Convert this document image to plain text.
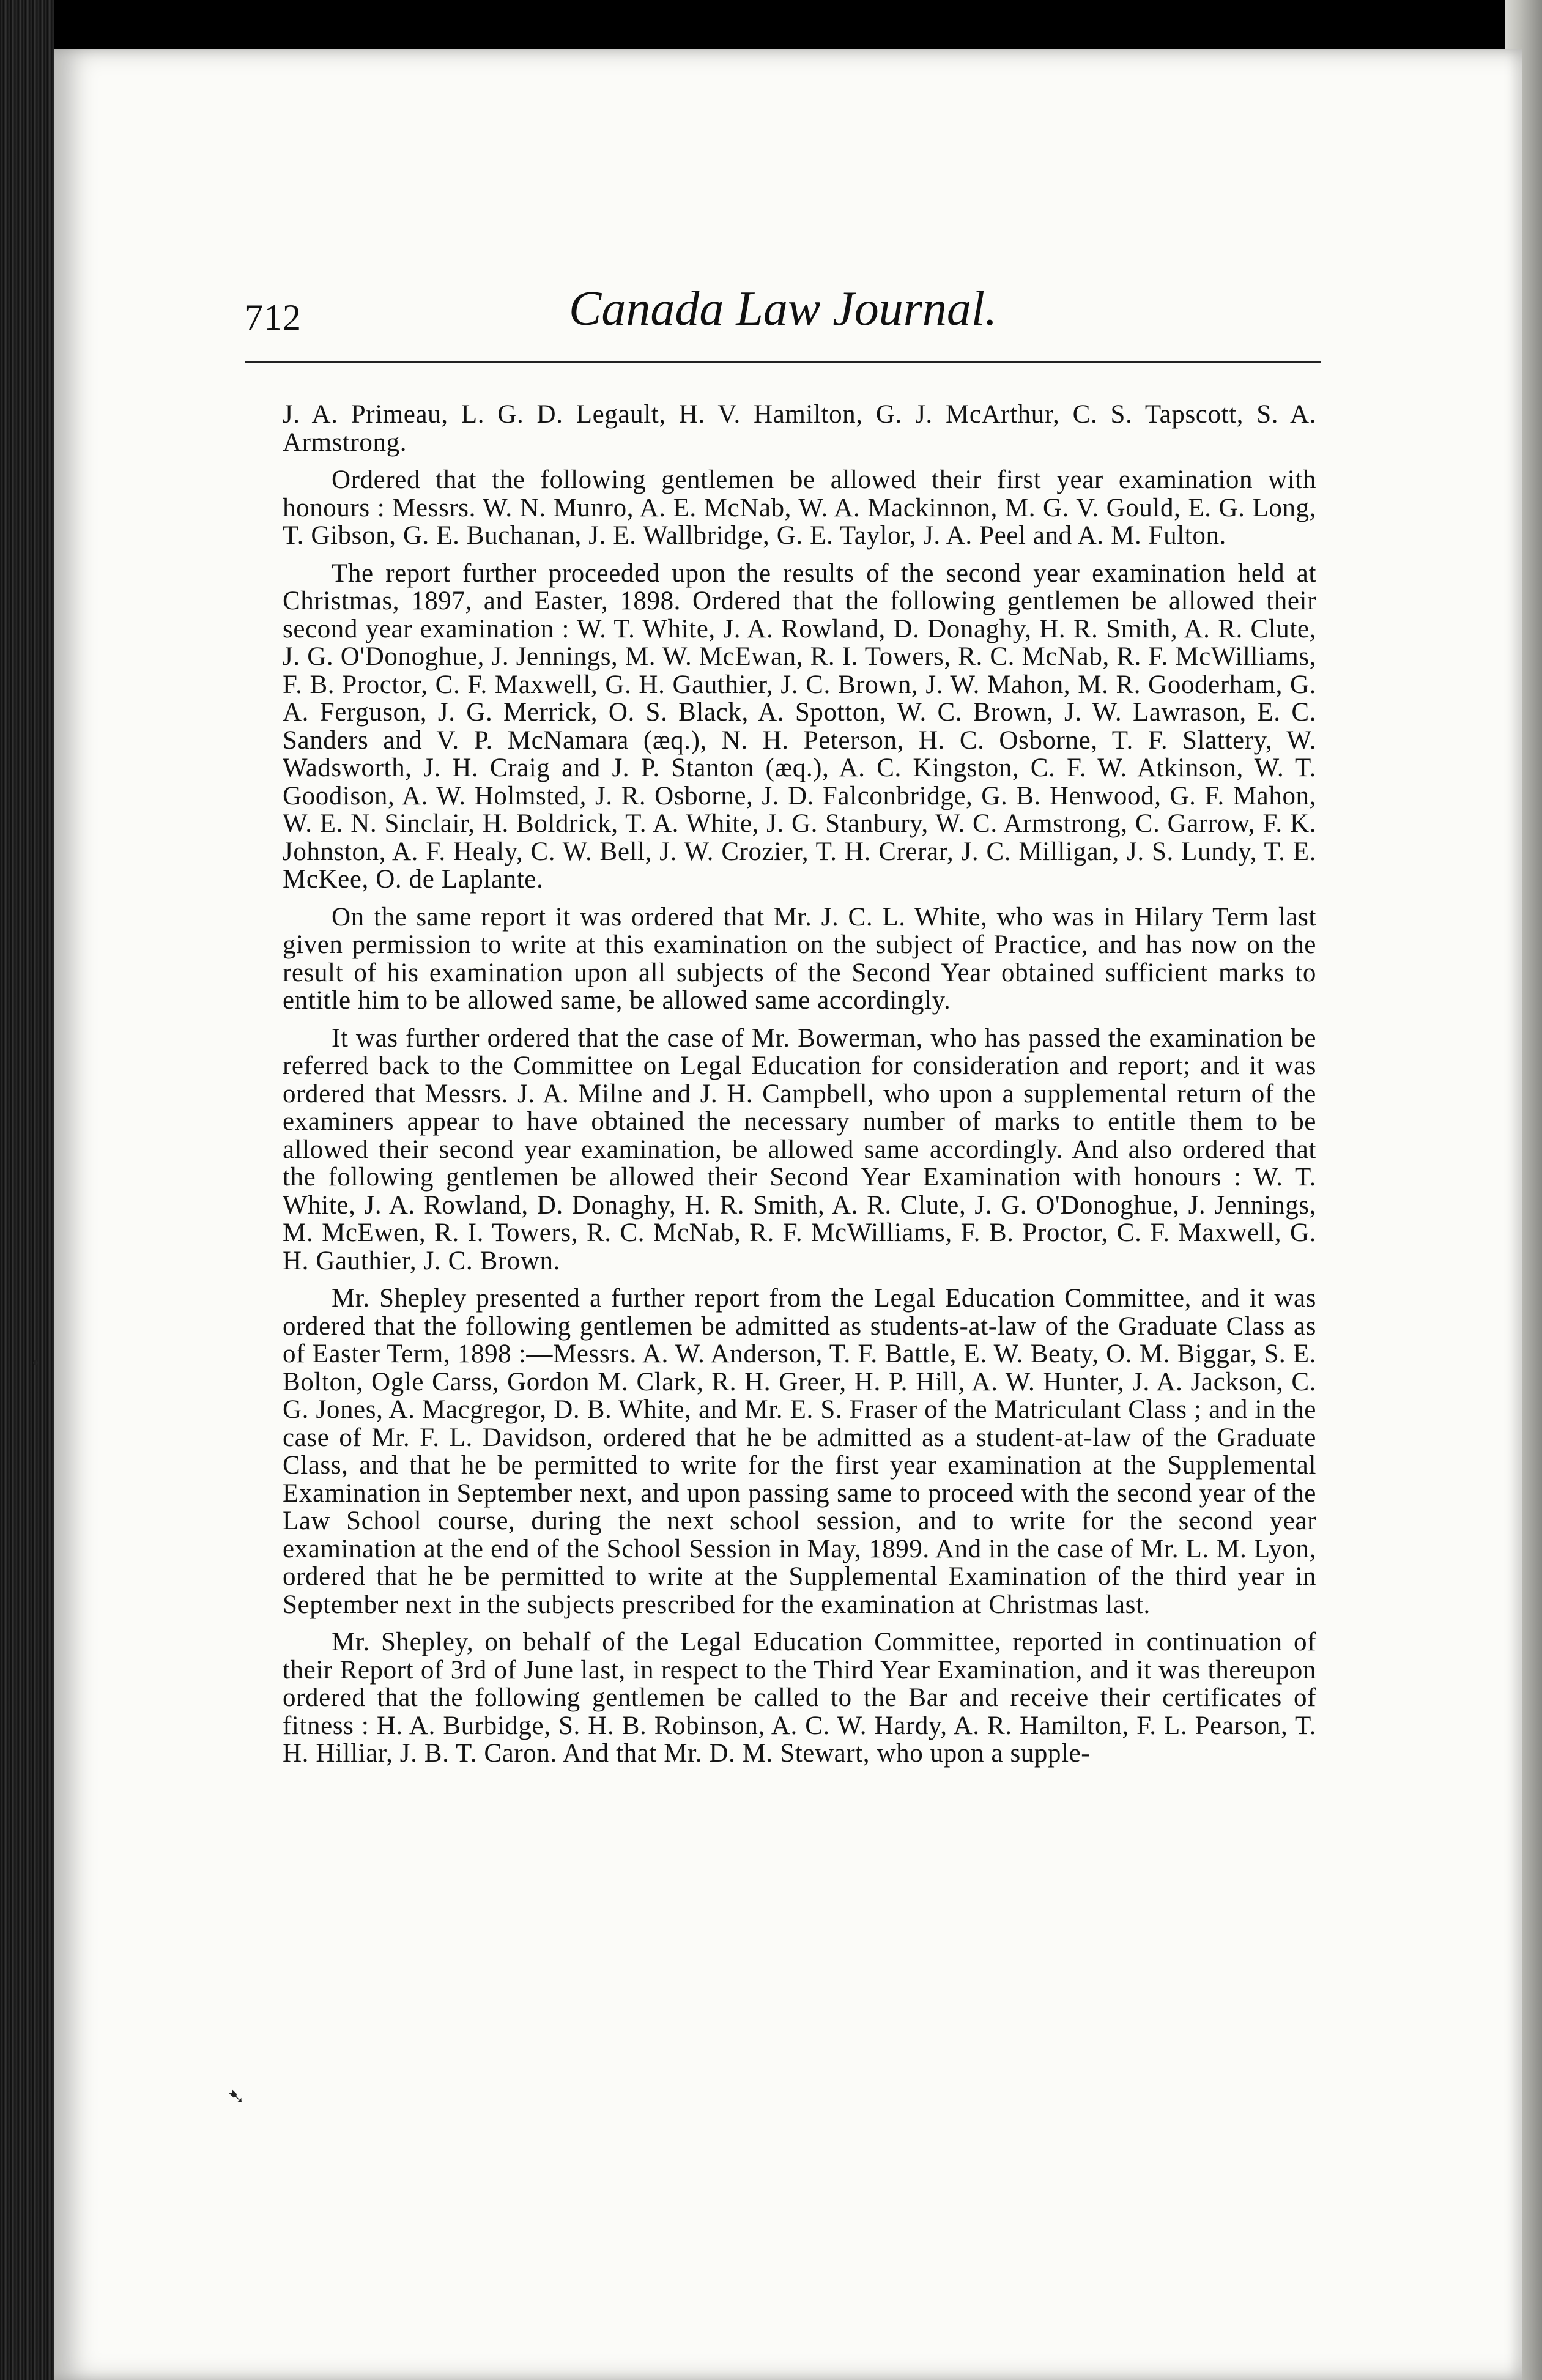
712	Canada Law Journal.

J. A. Primeau, L. G. D. Legault, H. V. Hamilton, G. J. McArthur, C. S. Tapscott, S. A. Armstrong.

Ordered that the following gentlemen be allowed their first year examination with honours : Messrs. W. N. Munro, A. E. McNab, W. A. Mackinnon, M. G. V. Gould, E. G. Long, T. Gibson, G. E. Buchanan, J. E. Wallbridge, G. E. Taylor, J. A. Peel and A. M. Fulton.

The report further proceeded upon the results of the second year examination held at Christmas, 1897, and Easter, 1898. Ordered that the following gentlemen be allowed their second year examination : W. T. White, J. A. Rowland, D. Donaghy, H. R. Smith, A. R. Clute, J. G. O'Donoghue, J. Jennings, M. W. McEwan, R. I. Towers, R. C. McNab, R. F. McWilliams, F. B. Proctor, C. F. Maxwell, G. H. Gauthier, J. C. Brown, J. W. Mahon, M. R. Gooderham, G. A. Ferguson, J. G. Merrick, O. S. Black, A. Spotton, W. C. Brown, J. W. Lawrason, E. C. Sanders and V. P. McNamara (æq.), N. H. Peterson, H. C. Osborne, T. F. Slattery, W. Wadsworth, J. H. Craig and J. P. Stanton (æq.), A. C. Kingston, C. F. W. Atkinson, W. T. Goodison, A. W. Holmsted, J. R. Osborne, J. D. Falconbridge, G. B. Henwood, G. F. Mahon, W. E. N. Sinclair, H. Boldrick, T. A. White, J. G. Stanbury, W. C. Armstrong, C. Garrow, F. K. Johnston, A. F. Healy, C. W. Bell, J. W. Crozier, T. H. Crerar, J. C. Milligan, J. S. Lundy, T. E. McKee, O. de Laplante.

On the same report it was ordered that Mr. J. C. L. White, who was in Hilary Term last given permission to write at this examination on the subject of Practice, and has now on the result of his examination upon all subjects of the Second Year obtained sufficient marks to entitle him to be allowed same, be allowed same accordingly.

It was further ordered that the case of Mr. Bowerman, who has passed the examination be referred back to the Committee on Legal Education for consideration and report; and it was ordered that Messrs. J. A. Milne and J. H. Campbell, who upon a supplemental return of the examiners appear to have obtained the necessary number of marks to entitle them to be allowed their second year examination, be allowed same accordingly. And also ordered that the following gentlemen be allowed their Second Year Examination with honours : W. T. White, J. A. Rowland, D. Donaghy, H. R. Smith, A. R. Clute, J. G. O'Donoghue, J. Jennings, M. McEwen, R. I. Towers, R. C. McNab, R. F. McWilliams, F. B. Proctor, C. F. Maxwell, G. H. Gauthier, J. C. Brown.

Mr. Shepley presented a further report from the Legal Education Committee, and it was ordered that the following gentlemen be admitted as students-at-law of the Graduate Class as of Easter Term, 1898 :—Messrs. A. W. Anderson, T. F. Battle, E. W. Beaty, O. M. Biggar, S. E. Bolton, Ogle Carss, Gordon M. Clark, R. H. Greer, H. P. Hill, A. W. Hunter, J. A. Jackson, C. G. Jones, A. Macgregor, D. B. White, and Mr. E. S. Fraser of the Matriculant Class ; and in the case of Mr. F. L. Davidson, ordered that he be admitted as a student-at-law of the Graduate Class, and that he be permitted to write for the first year examination at the Supplemental Examination in September next, and upon passing same to proceed with the second year of the Law School course, during the next school session, and to write for the second year examination at the end of the School Session in May, 1899. And in the case of Mr. L. M. Lyon, ordered that he be permitted to write at the Supplemental Examination of the third year in September next in the subjects prescribed for the examination at Christmas last.

Mr. Shepley, on behalf of the Legal Education Committee, reported in continuation of their Report of 3rd of June last, in respect to the Third Year Examination, and it was thereupon ordered that the following gentlemen be called to the Bar and receive their certificates of fitness : H. A. Burbidge, S. H. B. Robinson, A. C. W. Hardy, A. R. Hamilton, F. L. Pearson, T. H. Hilliar, J. B. T. Caron. And that Mr. D. M. Stewart, who upon a supple-

•
➷
